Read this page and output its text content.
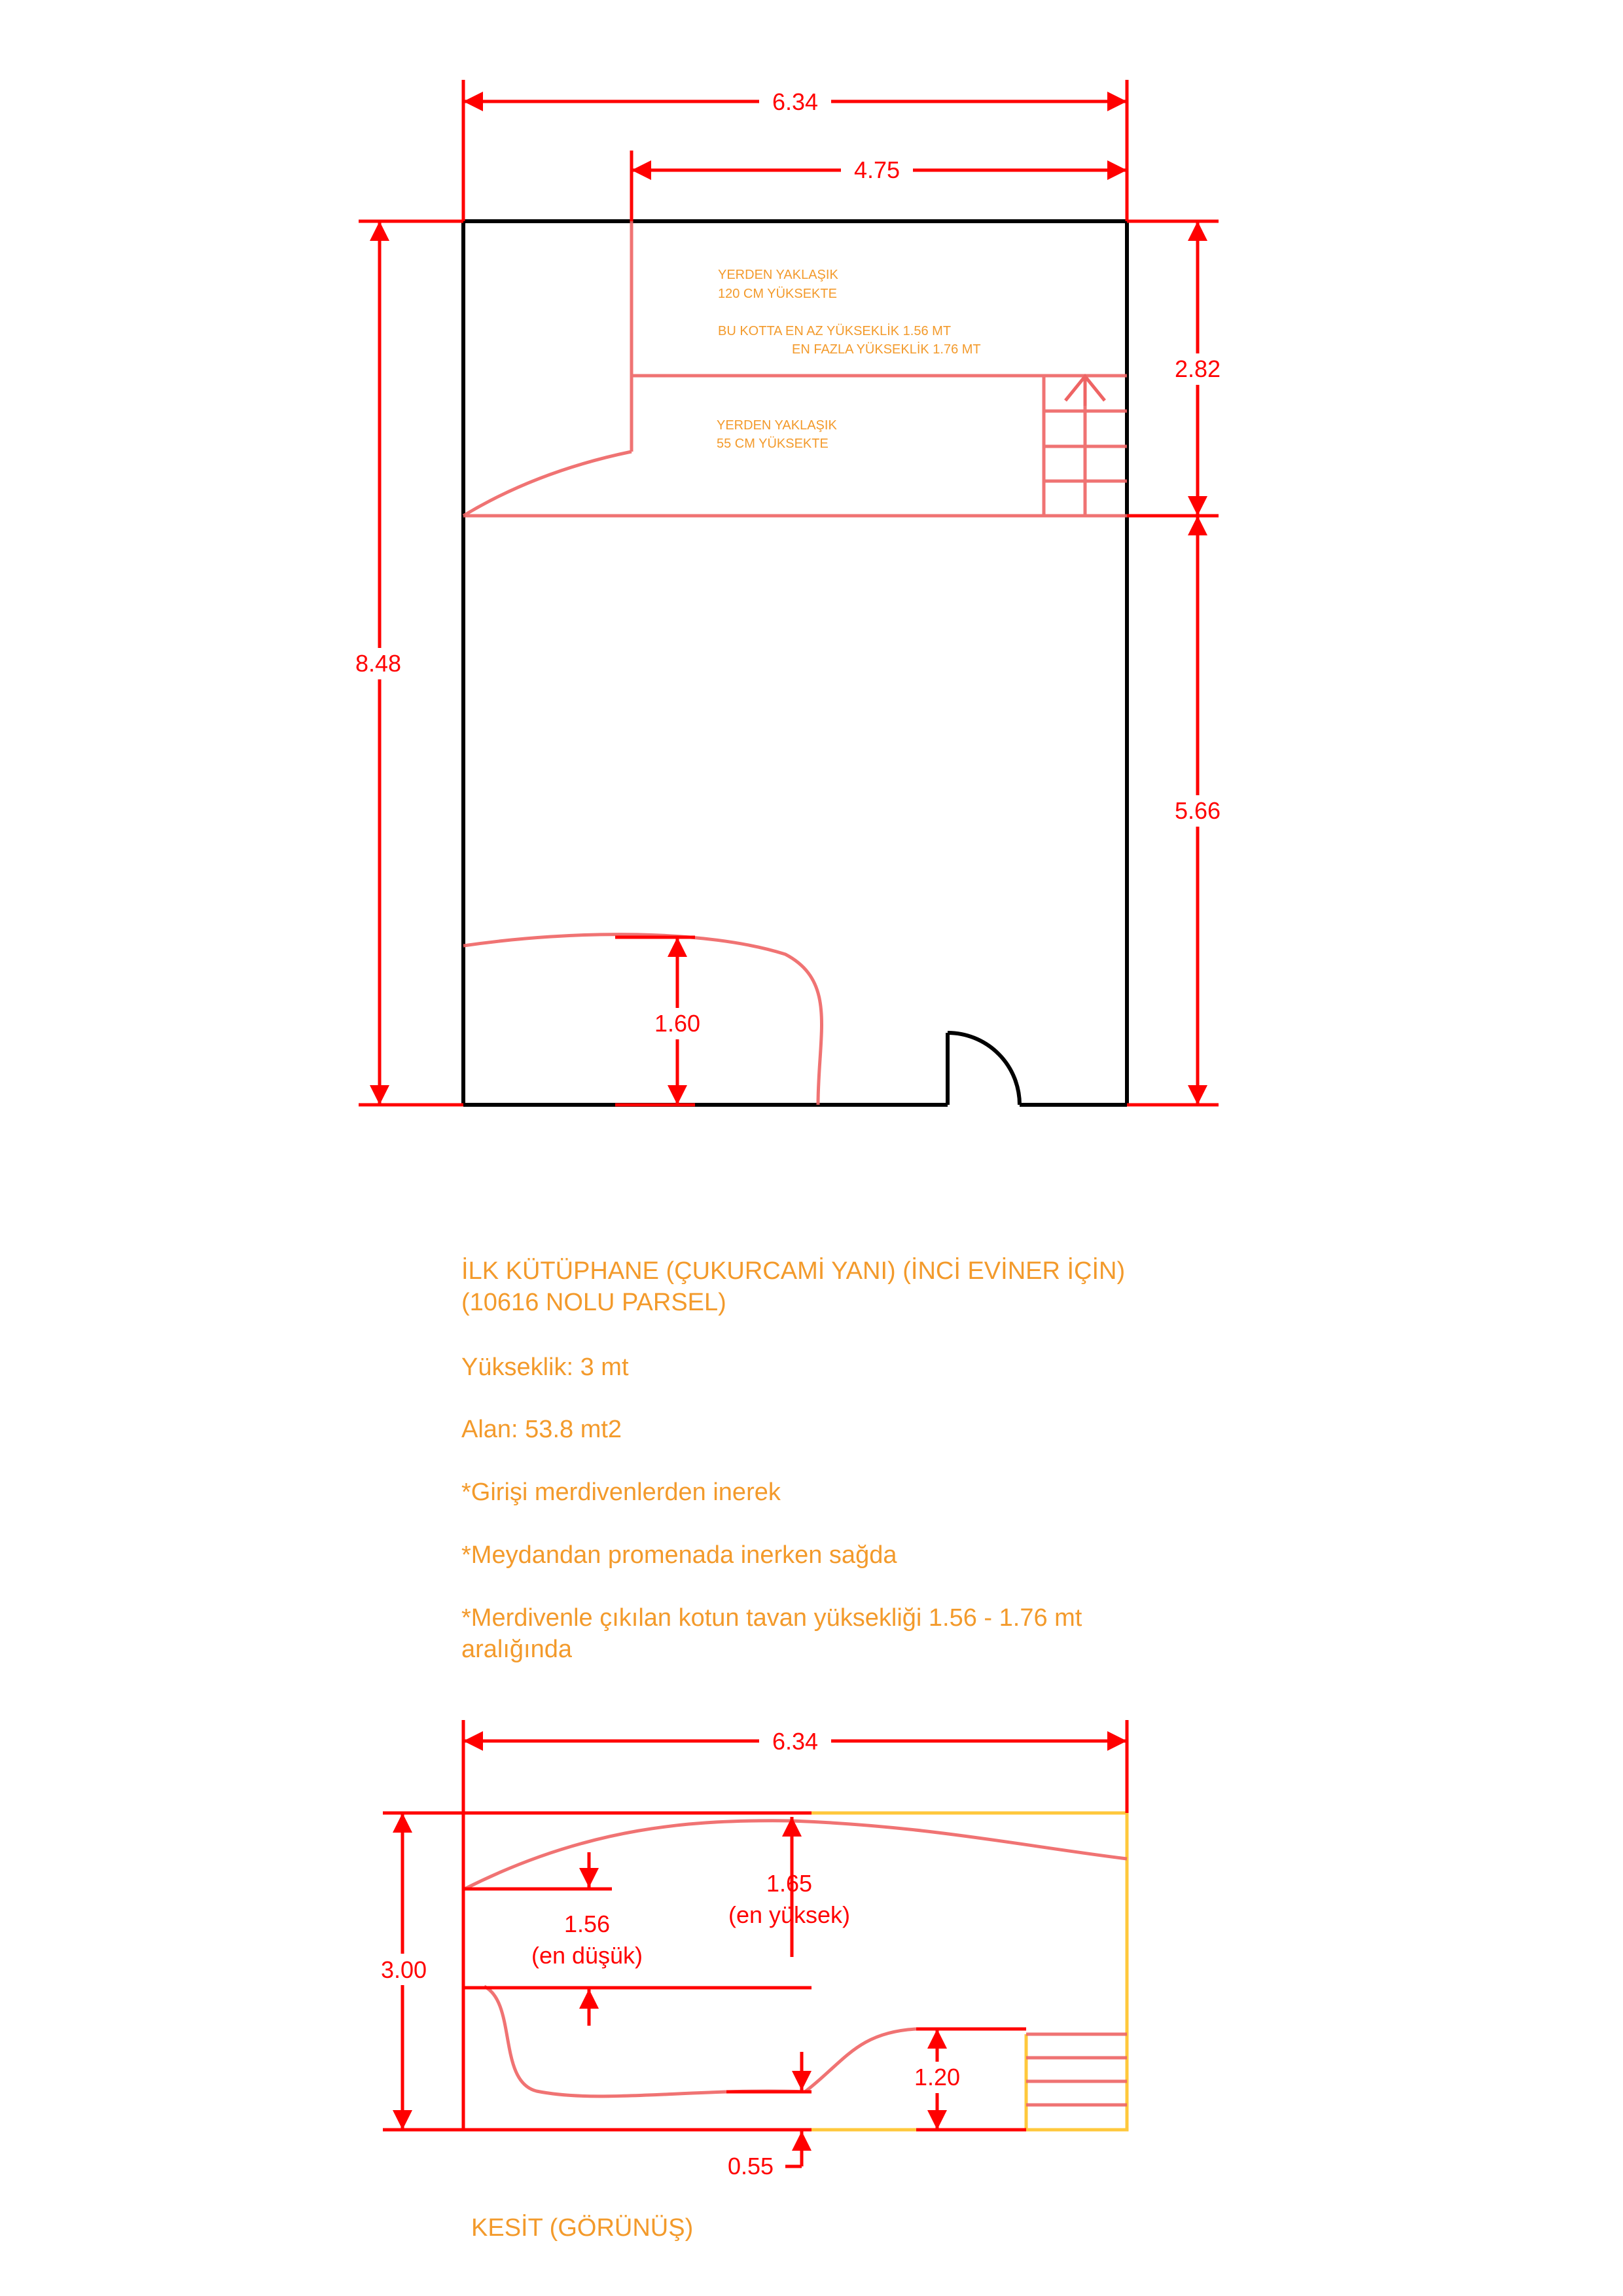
YERDEN YAKLAŞIK
120 CM YÜKSEKTE
BU KOTTA EN AZ YÜKSEKLİK 1.56 MT
EN FAZLA YÜKSEKLİK 1.76 MT
YERDEN YAKLAŞIK
55 CM YÜKSEKTE
6.34
4.75
8.48
2.82
5.66
1.60
6.34
3.00
1.56
(en düşük)
1.65
(en yüksek)
1.20
0.55
İLK KÜTÜPHANE (ÇUKURCAMİ YANI) (İNCİ EVİNER İÇİN)
(10616 NOLU PARSEL)
Yükseklik: 3 mt
Alan: 53.8 mt2
*Girişi merdivenlerden inerek
*Meydandan promenada inerken sağda
*Merdivenle çıkılan kotun tavan yüksekliği 1.56 - 1.76 mt
aralığında
KESİT (GÖRÜNÜŞ)
